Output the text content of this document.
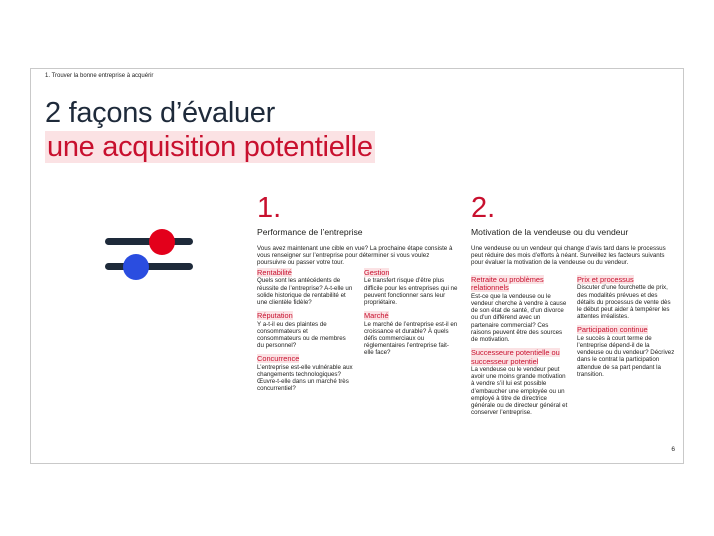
1. Trouver la bonne entreprise à acquérir
2 façons d’évaluer
une acquisition potentielle
1.
Performance de l’entreprise
Vous avez maintenant une cible en vue? La prochaine étape consiste à vous renseigner sur l’entreprise pour déterminer si vous voulez poursuivre ou passer votre tour.
Rentabilité
Quels sont les antécédents de réussite de l’entreprise? A-t-elle un solide historique de rentabilité et une clientèle fidèle?
Réputation
Y a-t-il eu des plaintes de consommateurs et consommateurs ou de membres du personnel?
Concurrence
L’entreprise est-elle vulnérable aux changements technologiques? Œuvre-t-elle dans un marché très concurrentiel?
Gestion
Le transfert risque d’être plus difficile pour les entreprises qui ne peuvent fonctionner sans leur propriétaire.
Marché
Le marché de l’entreprise est-il en croissance et durable? À quels défis commerciaux ou réglementaires l’entreprise fait-elle face?
2.
Motivation de la vendeuse ou du vendeur
Une vendeuse ou un vendeur qui change d’avis tard dans le processus peut réduire des mois d’efforts à néant. Surveillez les facteurs suivants pour évaluer la motivation de la vendeuse ou du vendeur.
Retraite ou problèmes relationnels
Est-ce que la vendeuse ou le vendeur cherche à vendre à cause de son état de santé, d’un divorce ou d’un différend avec un partenaire commercial? Ces raisons peuvent être des sources de motivation.
Successeure potentielle ou successeur potentiel
La vendeuse ou le vendeur peut avoir une moins grande motivation à vendre s’il lui est possible d’embaucher une employée ou un employé à titre de directrice générale ou de directeur général et conserver l’entreprise.
Prix et processus
Discuter d’une fourchette de prix, des modalités prévues et des détails du processus de vente dès le début peut aider à tempérer les attentes irréalistes.
Participation continue
Le succès à court terme de l’entreprise dépend-il de la vendeuse ou du vendeur? Décrivez dans le contrat la participation attendue de sa part pendant la transition.
6
